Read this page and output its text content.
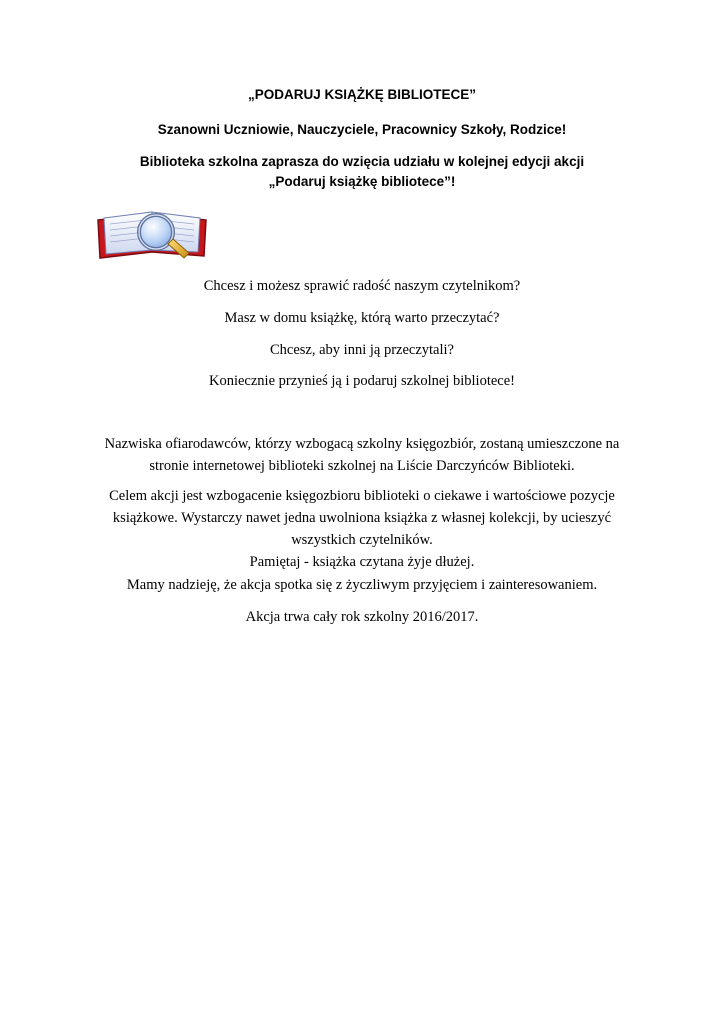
„PODARUJ KSIĄŻKĘ BIBLIOTECE”
Szanowni Uczniowie, Nauczyciele, Pracownicy Szkoły, Rodzice!
Biblioteka szkolna zaprasza do wzięcia udziału w kolejnej edycji akcji
„Podaruj książkę bibliotece”!

Chcesz i możesz sprawić radość naszym czytelnikom?

Masz w domu książkę, którą warto przeczytać?

Chcesz, aby inni ją przeczytali?

Koniecznie przynieś ją i podaruj szkolnej bibliotece!

Nazwiska ofiarodawców, którzy wzbogacą szkolny księgozbiór, zostaną umieszczone na
stronie internetowej biblioteki szkolnej na Liście Darczyńców Biblioteki.

Celem akcji jest wzbogacenie księgozbioru biblioteki o ciekawe i wartościowe pozycje
książkowe. Wystarczy nawet jedna uwolniona książka z własnej kolekcji, by ucieszyć
wszystkich czytelników.
Pamiętaj - książka czytana żyje dłużej.

Mamy nadzieję, że akcja spotka się z życzliwym przyjęciem i zainteresowaniem.

Akcja trwa cały rok szkolny 2016/2017.
